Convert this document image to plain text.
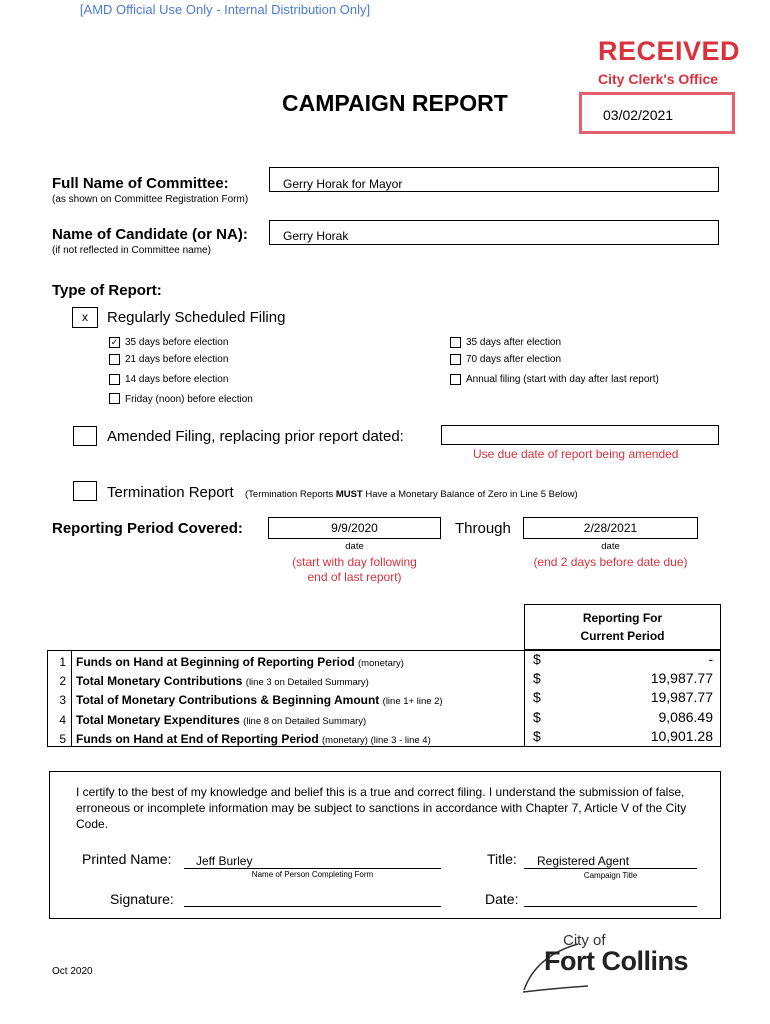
[AMD Official Use Only - Internal Distribution Only]
RECEIVED
City Clerk's Office
03/02/2021
CAMPAIGN REPORT
Full Name of Committee:
(as shown on Committee Registration Form)
Gerry Horak for Mayor
Name of Candidate (or NA):
(if not reflected in Committee name)
Gerry Horak
Type of Report:
x	Regularly Scheduled Filing
✓ 35 days before election
21 days before election
14 days before election
Friday (noon) before election
35 days after election
70 days after election
Annual filing (start with day after last report)
Amended Filing, replacing prior report dated:
Use due date of report being amended
Termination Report (Termination Reports MUST Have a Monetary Balance of Zero in Line 5 Below)
Reporting Period Covered:	9/9/2020
date
(start with day following
end of last report)
Through	2/28/2021
date
(end 2 days before date due)
Reporting For
Current Period
1 Funds on Hand at Beginning of Reporting Period (monetary)	$	-
2 Total Monetary Contributions (line 3 on Detailed Summary)	$	19,987.77
3 Total of Monetary Contributions & Beginning Amount (line 1+ line 2)	$	19,987.77
4 Total Monetary Expenditures (line 8 on Detailed Summary)	$	9,086.49
5 Funds on Hand at End of Reporting Period (monetary) (line 3 - line 4)	$	10,901.28
I certify to the best of my knowledge and belief this is a true and correct filing. I understand the submission of false, erroneous or incomplete information may be subject to sanctions in accordance with Chapter 7, Article V of the City Code.
Printed Name: Jeff Burley
Name of Person Completing Form
Title: Registered Agent
Campaign Title
Signature:	Date:
Oct 2020
City of
Fort Collins
